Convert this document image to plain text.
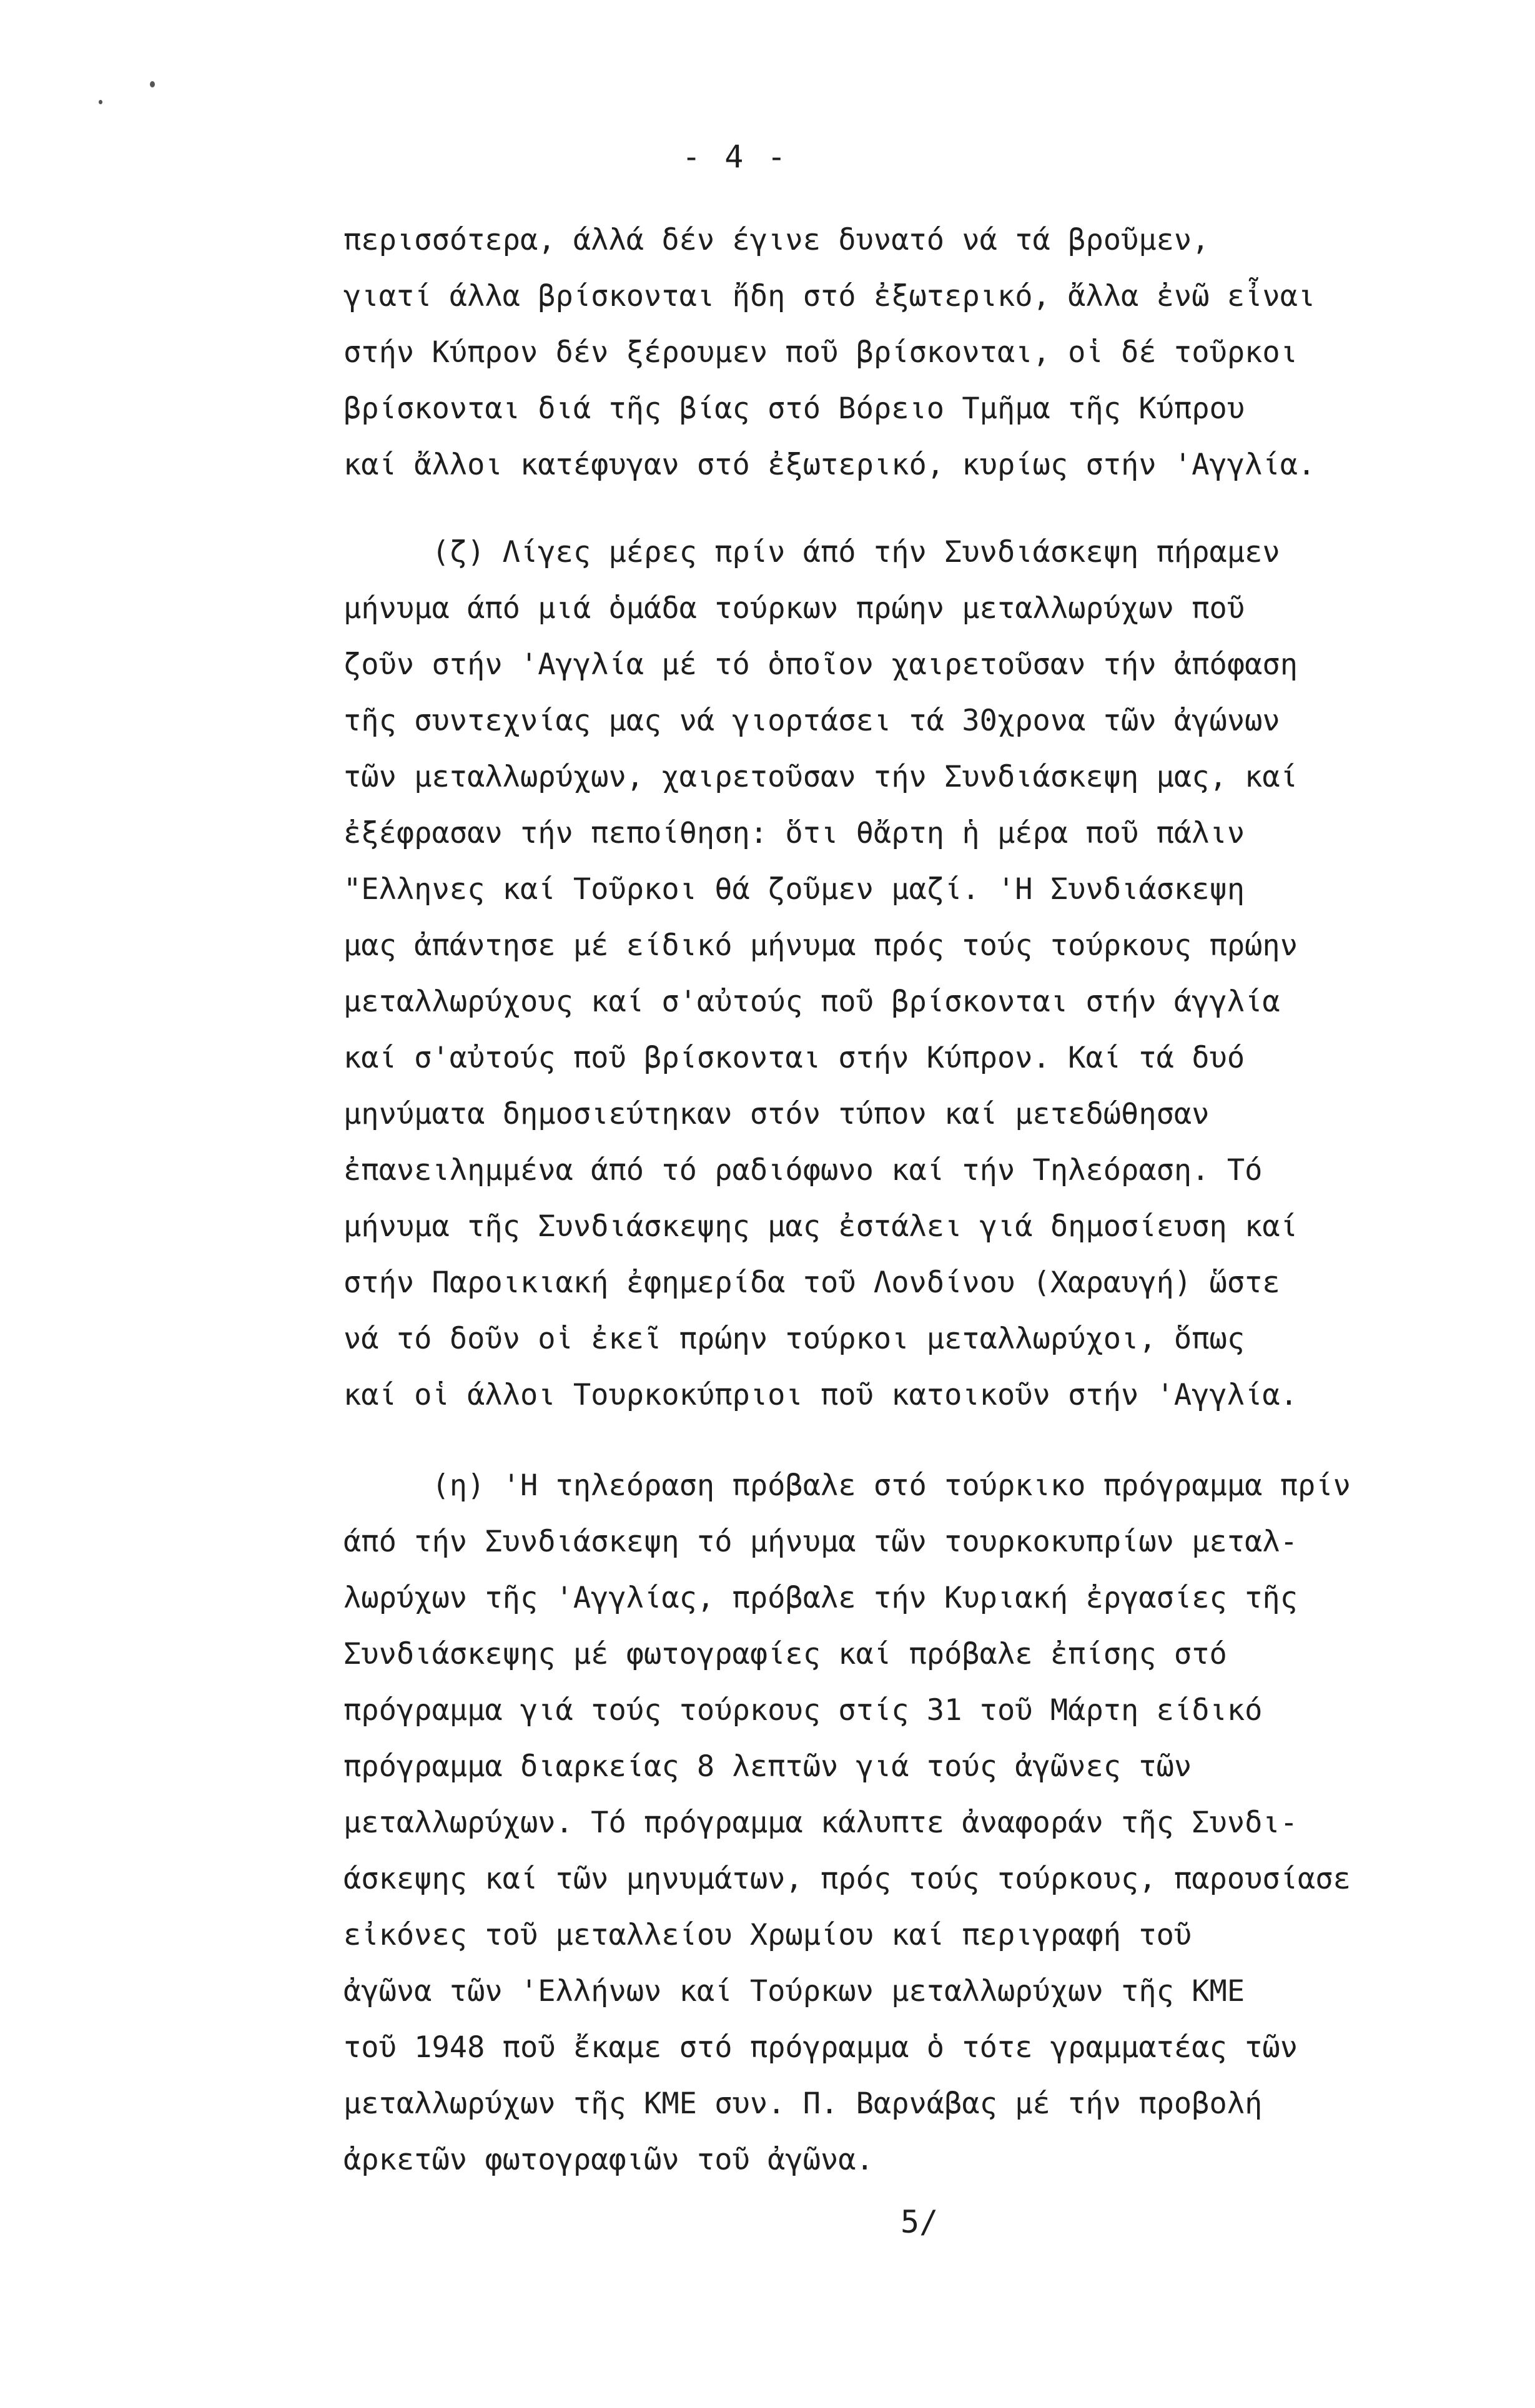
- 4 -
περισσότερα, άλλά δέν έγινε δυνατό νά τά βροῦμεν,
γιατί άλλα βρίσκονται ἤδη στό ἐξωτερικό, ἄλλα ἐνῶ εἶναι
στήν Κύπρον δέν ξέρουμεν ποῦ βρίσκονται, οἱ δέ τοῦρκοι
βρίσκονται διά τῆς βίας στό Βόρειο Τμῆμα τῆς Κύπρου
καί ἄλλοι κατέφυγαν στό ἐξωτερικό, κυρίως στήν 'Αγγλία.
(ζ) Λίγες μέρες πρίν άπό τήν Συνδιάσκεψη πήραμεν
μήνυμα άπό μιά ὁμάδα τούρκων πρώην μεταλλωρύχων ποῦ
ζοῦν στήν 'Αγγλία μέ τό ὁποῖον χαιρετοῦσαν τήν ἀπόφαση
τῆς συντεχνίας μας νά γιορτάσει τά 30χρονα τῶν ἀγώνων
τῶν μεταλλωρύχων, χαιρετοῦσαν τήν Συνδιάσκεψη μας, καί
ἐξέφρασαν τήν πεποίθηση: ὅτι θἄρτη ἡ μέρα ποῦ πάλιν
"Ελληνες καί Τοῦρκοι θά ζοῦμεν μαζί. 'Η Συνδιάσκεψη
μας ἀπάντησε μέ είδικό μήνυμα πρός τούς τούρκους πρώην
μεταλλωρύχους καί σ'αὐτούς ποῦ βρίσκονται στήν άγγλία
καί σ'αὐτούς ποῦ βρίσκονται στήν Κύπρον. Καί τά δυό
μηνύματα δημοσιεύτηκαν στόν τύπον καί μετεδώθησαν
ἐπανειλημμένα άπό τό ραδιόφωνο καί τήν Τηλεόραση. Τό
μήνυμα τῆς Συνδιάσκεψης μας ἐστάλει γιά δημοσίευση καί
στήν Παροικιακή ἐφημερίδα τοῦ Λονδίνου (Χαραυγή) ὥστε
νά τό δοῦν οἱ ἐκεῖ πρώην τούρκοι μεταλλωρύχοι, ὅπως
καί οἱ άλλοι Τουρκοκύπριοι ποῦ κατοικοῦν στήν 'Αγγλία.
(η) 'Η τηλεόραση πρόβαλε στό τούρκικο πρόγραμμα πρίν
άπό τήν Συνδιάσκεψη τό μήνυμα τῶν τουρκοκυπρίων μεταλ-
λωρύχων τῆς 'Αγγλίας, πρόβαλε τήν Κυριακή ἐργασίες τῆς
Συνδιάσκεψης μέ φωτογραφίες καί πρόβαλε ἐπίσης στό
πρόγραμμα γιά τούς τούρκους στίς 31 τοῦ Μάρτη είδικό
πρόγραμμα διαρκείας 8 λεπτῶν γιά τούς ἀγῶνες τῶν
μεταλλωρύχων. Τό πρόγραμμα κάλυπτε ἀναφοράν τῆς Συνδι-
άσκεψης καί τῶν μηνυμάτων, πρός τούς τούρκους, παρουσίασε
εἰκόνες τοῦ μεταλλείου Χρωμίου καί περιγραφή τοῦ
ἀγῶνα τῶν 'Ελλήνων καί Τούρκων μεταλλωρύχων τῆς ΚΜΕ
τοῦ 1948 ποῦ ἔκαμε στό πρόγραμμα ὁ τότε γραμματέας τῶν
μεταλλωρύχων τῆς ΚΜΕ συν. Π. Βαρνάβας μέ τήν προβολή
ἀρκετῶν φωτογραφιῶν τοῦ ἀγῶνα.
5/
